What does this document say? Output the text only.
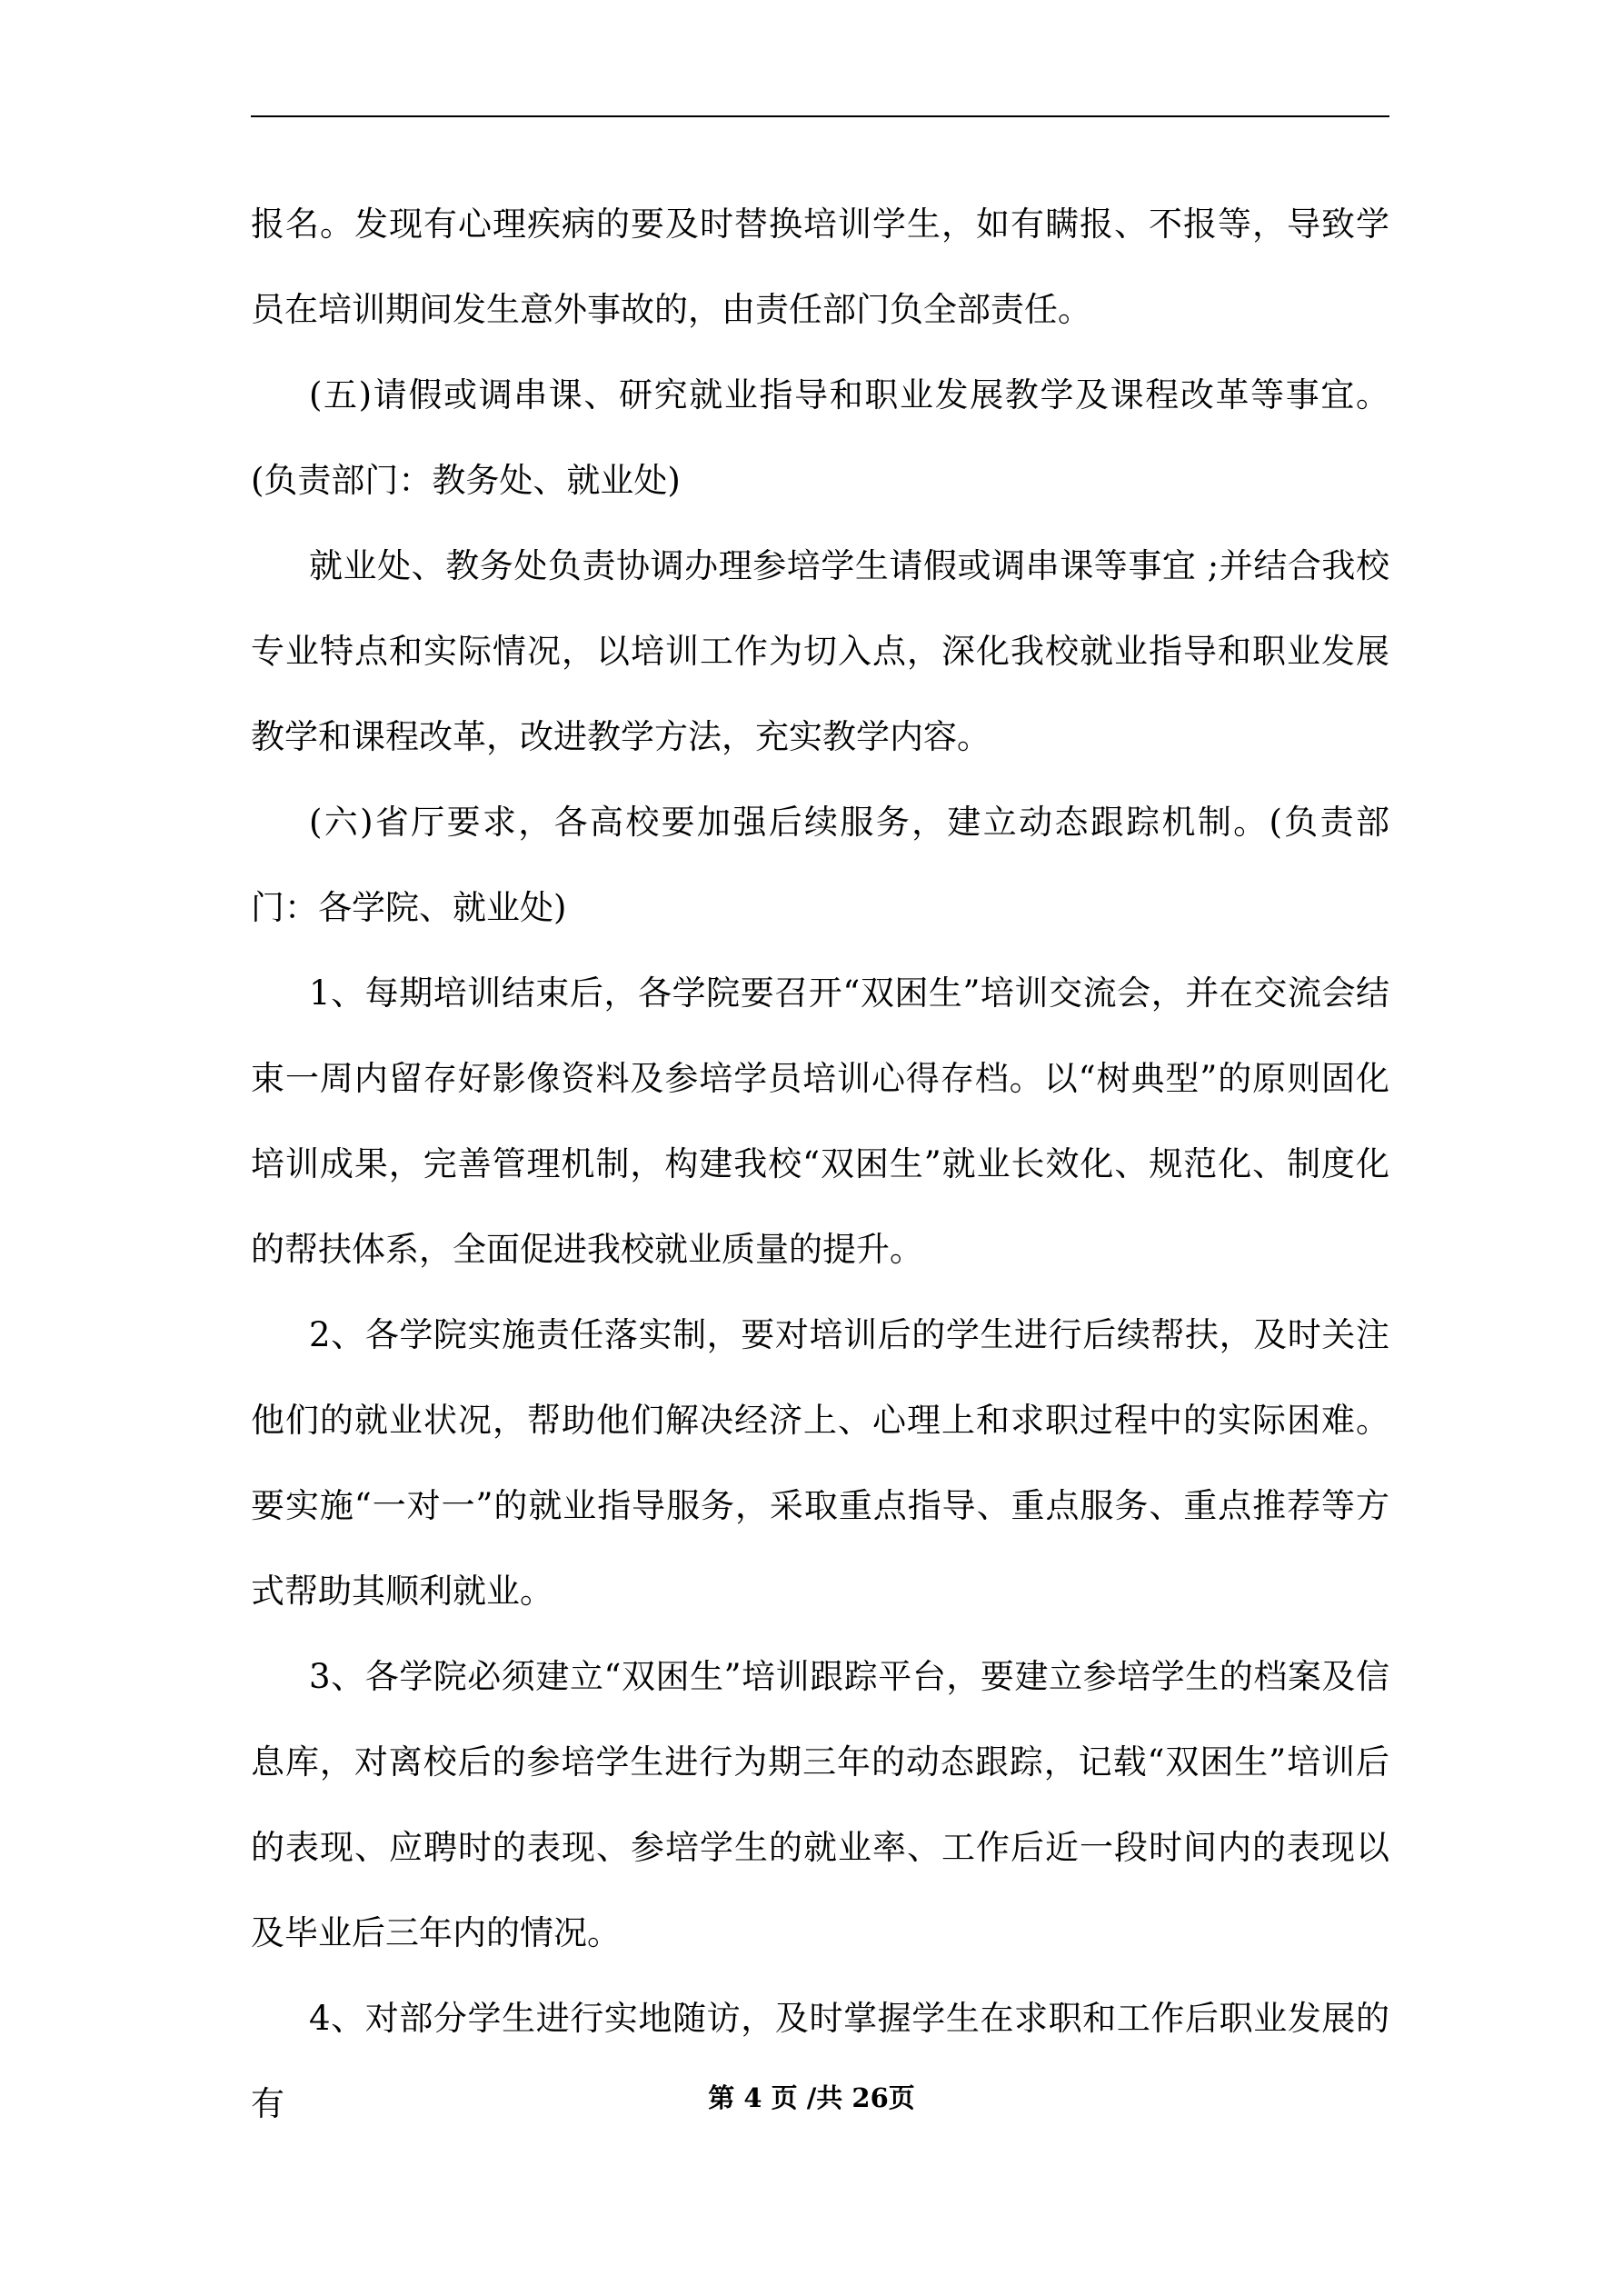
报名。发现有心理疾病的要及时替换培训学生，如有瞒报、不报等，导致学员在培训期间发生意外事故的，由责任部门负全部责任。

(五)请假或调串课、研究就业指导和职业发展教学及课程改革等事宜。(负责部门：教务处、就业处)

就业处、教务处负责协调办理参培学生请假或调串课等事宜 ;并结合我校专业特点和实际情况，以培训工作为切入点，深化我校就业指导和职业发展教学和课程改革，改进教学方法，充实教学内容。

(六)省厅要求，各高校要加强后续服务，建立动态跟踪机制。(负责部门：各学院、就业处)

1、每期培训结束后，各学院要召开“双困生”培训交流会，并在交流会结束一周内留存好影像资料及参培学员培训心得存档。以“树典型”的原则固化培训成果，完善管理机制，构建我校“双困生”就业长效化、规范化、制度化的帮扶体系，全面促进我校就业质量的提升。

2、各学院实施责任落实制，要对培训后的学生进行后续帮扶，及时关注他们的就业状况，帮助他们解决经济上、心理上和求职过程中的实际困难。要实施“一对一”的就业指导服务，采取重点指导、重点服务、重点推荐等方式帮助其顺利就业。

3、各学院必须建立“双困生”培训跟踪平台，要建立参培学生的档案及信息库，对离校后的参培学生进行为期三年的动态跟踪，记载“双困生”培训后的表现、应聘时的表现、参培学生的就业率、工作后近一段时间内的表现以及毕业后三年内的情况。

4、对部分学生进行实地随访，及时掌握学生在求职和工作后职业发展的有	第 4 页 /共 26页
